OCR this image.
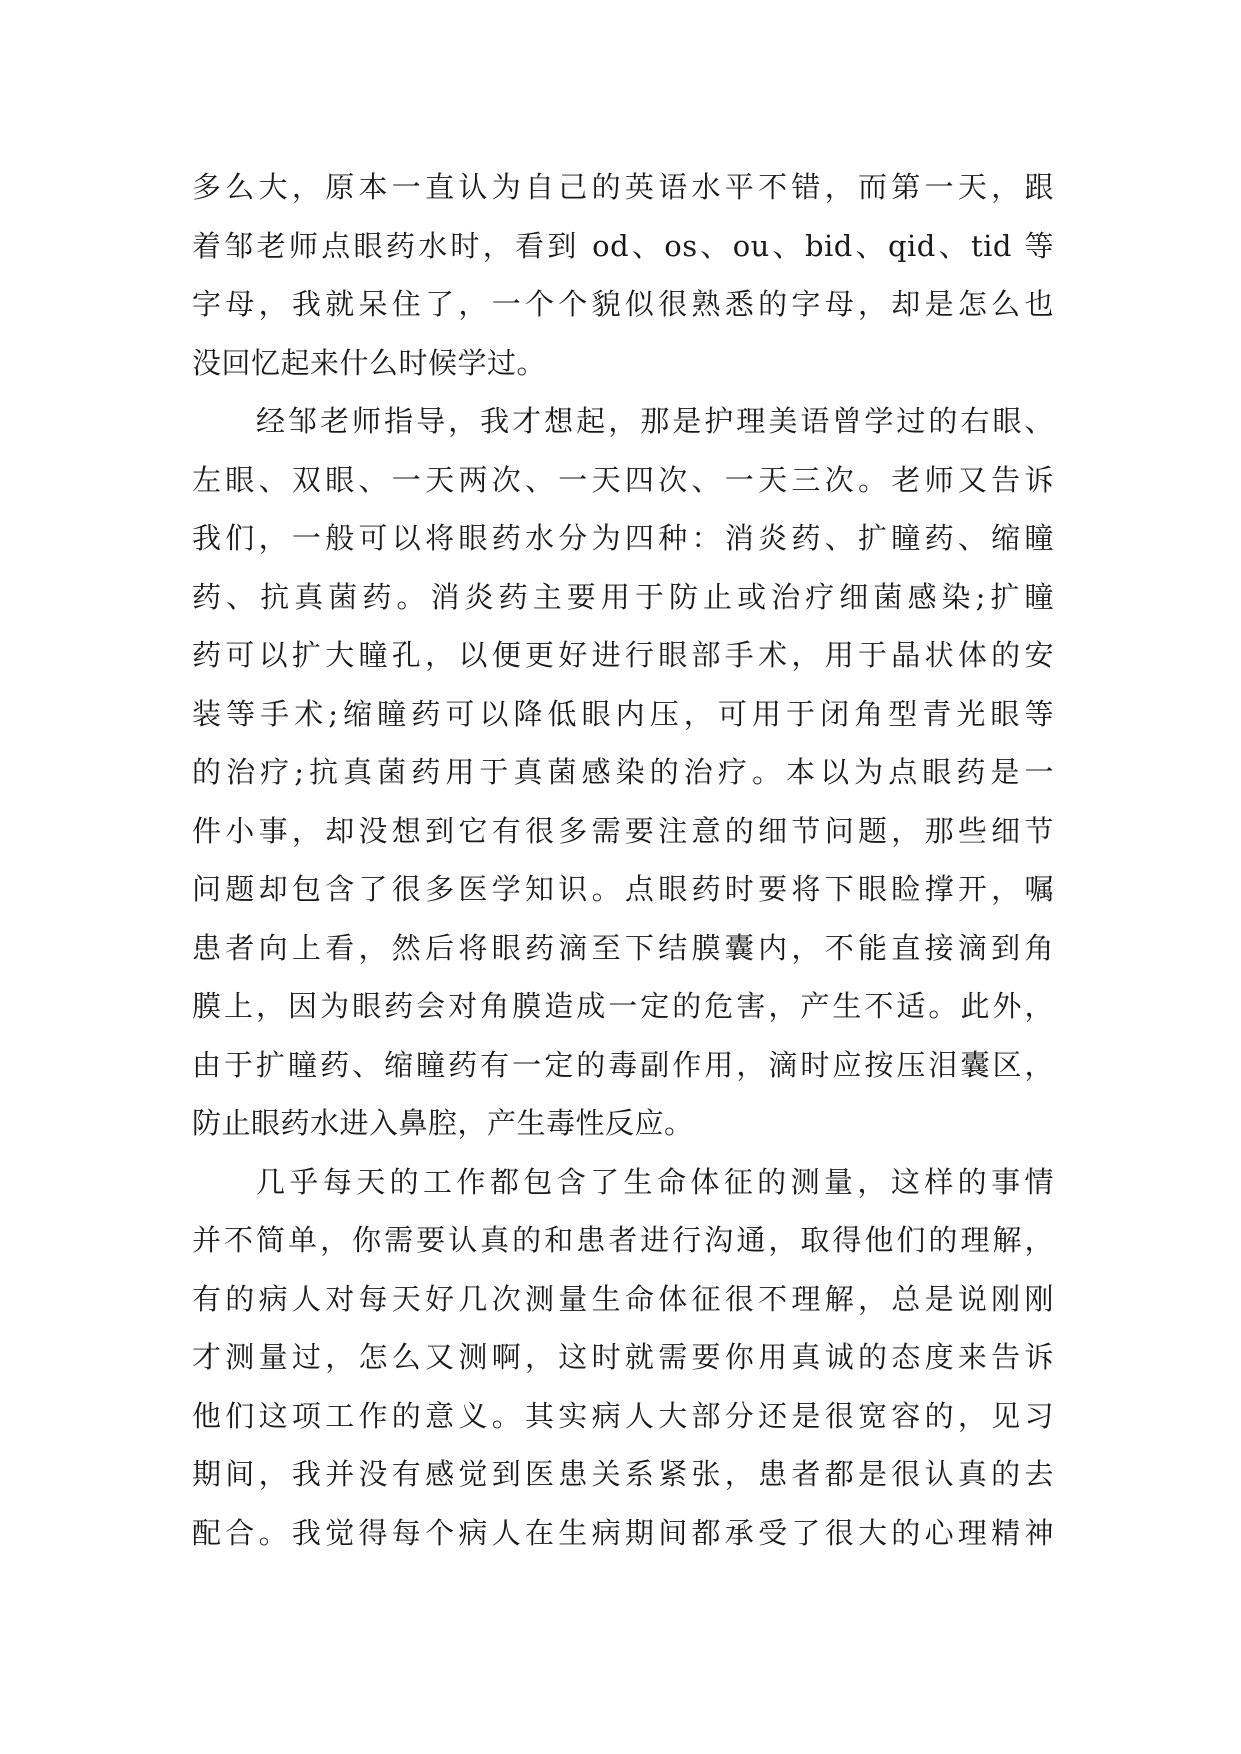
多么大，原本一直认为自己的英语水平不错，而第一天，跟
着邹老师点眼药水时，看到 od、os、ou、bid、qid、tid 等
字母，我就呆住了，一个个貌似很熟悉的字母，却是怎么也
没回忆起来什么时候学过。
经邹老师指导，我才想起，那是护理美语曾学过的右眼、
左眼、双眼、一天两次、一天四次、一天三次。老师又告诉
我们，一般可以将眼药水分为四种：消炎药、扩瞳药、缩瞳
药、抗真菌药。消炎药主要用于防止或治疗细菌感染;扩瞳
药可以扩大瞳孔，以便更好进行眼部手术，用于晶状体的安
装等手术;缩瞳药可以降低眼内压，可用于闭角型青光眼等
的治疗;抗真菌药用于真菌感染的治疗。本以为点眼药是一
件小事，却没想到它有很多需要注意的细节问题，那些细节
问题却包含了很多医学知识。点眼药时要将下眼睑撑开，嘱
患者向上看，然后将眼药滴至下结膜囊内，不能直接滴到角
膜上，因为眼药会对角膜造成一定的危害，产生不适。此外，
由于扩瞳药、缩瞳药有一定的毒副作用，滴时应按压泪囊区，
防止眼药水进入鼻腔，产生毒性反应。
几乎每天的工作都包含了生命体征的测量，这样的事情
并不简单，你需要认真的和患者进行沟通，取得他们的理解，
有的病人对每天好几次测量生命体征很不理解，总是说刚刚
才测量过，怎么又测啊，这时就需要你用真诚的态度来告诉
他们这项工作的意义。其实病人大部分还是很宽容的，见习
期间，我并没有感觉到医患关系紧张，患者都是很认真的去
配合。我觉得每个病人在生病期间都承受了很大的心理精神
